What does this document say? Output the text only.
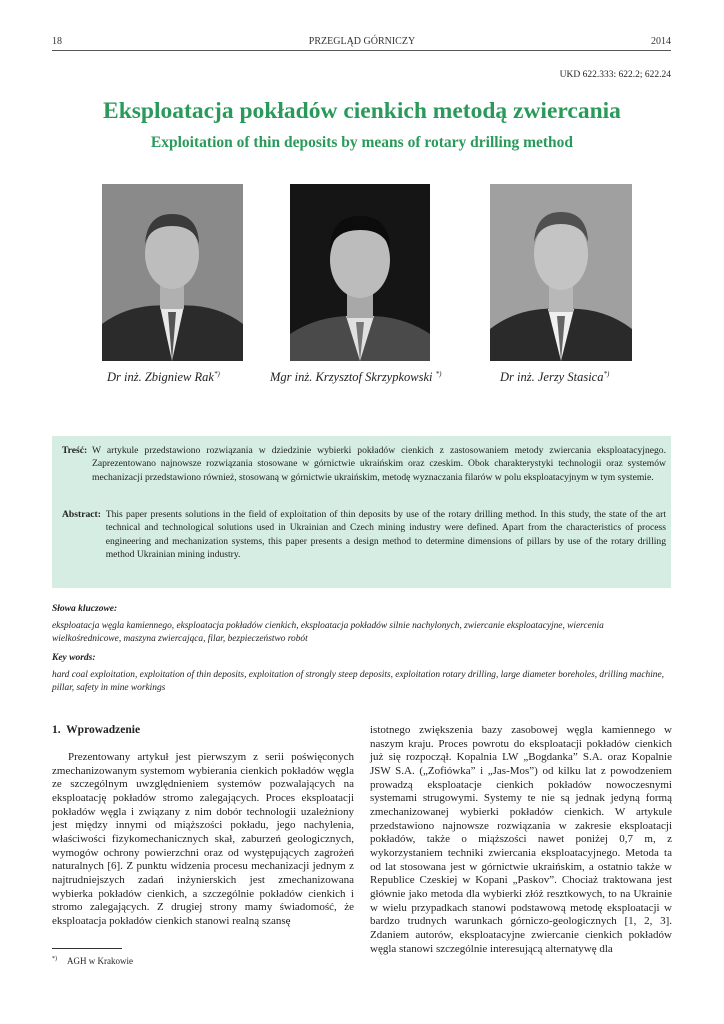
18	PRZEGLĄD GÓRNICZY	2014
UKD 622.333: 622.2; 622.24
Eksploatacja pokładów cienkich metodą zwiercania
Exploitation of thin deposits by means of rotary drilling method
Dr inż. Zbigniew Rak*)	Mgr inż. Krzysztof Skrzypkowski *)	Dr inż. Jerzy Stasica*)
Treść:
W artykule przedstawiono rozwiązania w dziedzinie wybierki pokładów cienkich z zastosowaniem metody zwiercania eksploatacyjnego. Zaprezentowano najnowsze rozwiązania stosowane w górnictwie ukraińskim oraz czeskim. Obok charakterystyki technologii oraz systemów mechanizacji przedstawiono również, stosowaną w górnictwie ukraińskim, metodę wyznaczania filarów w polu eksploatacyjnym w tym systemie.
Abstract:
This paper presents solutions in the field of exploitation of thin deposits by use of the rotary drilling method. In this study, the state of the art technical and technological solutions used in Ukrainian and Czech mining industry were defined. Apart from the characteristics of process engineering and mechanization systems, this paper presents a design method to determine dimensions of pillars by use of the rotary drilling method Ukrainian mining industry.
Słowa kluczowe:
eksploatacja węgla kamiennego, eksploatacja pokładów cienkich, eksploatacja pokładów silnie nachylonych, zwiercanie eksploatacyjne, wiercenia wielkośrednicowe, maszyna zwiercająca, filar, bezpieczeństwo robót
Key words:
hard coal exploitation, exploitation of thin deposits, exploitation of strongly steep deposits, exploitation rotary drilling, large diameter boreholes, drilling machine, pillar, safety in mine workings
1.  Wprowadzenie
Prezentowany artykuł jest pierwszym z serii poświęconych zmechanizowanym systemom wybierania cienkich pokładów węgla ze szczególnym uwzględnieniem systemów pozwalających na eksploatację pokładów stromo zalegających. Proces eksploatacji pokładów węgla i związany z nim dobór technologii uzależniony jest między innymi od miąższości pokładu, jego nachylenia, właściwości fizykomechanicznych skał, zaburzeń geologicznych, wymogów ochrony powierzchni oraz od występujących zagrożeń naturalnych [6]. Z punktu widzenia procesu mechanizacji jednym z najtrudniejszych zadań inżynierskich jest zmechanizowana wybierka pokładów cienkich, a szczególnie pokładów cienkich i stromo zalegających. Z drugiej strony mamy świadomość, że eksploatacja pokładów cienkich stanowi realną szansę
istotnego zwiększenia bazy zasobowej węgla kamiennego w naszym kraju. Proces powrotu do eksploatacji pokładów cienkich już się rozpoczął. Kopalnia LW „Bogdanka” S.A. oraz Kopalnie JSW S.A. („Zofiówka” i „Jas-Mos”) od kilku lat z powodzeniem prowadzą eksploatacje cienkich pokładów nowoczesnymi systemami strugowymi. Systemy te nie są jednak jedyną formą zmechanizowanej wybierki pokładów cienkich. W artykule przedstawiono najnowsze rozwiązania w zakresie eksploatacji pokładów, także o miąższości nawet poniżej 0,7 m, z wykorzystaniem techniki zwiercania eksploatacyjnego. Metoda ta od lat stosowana jest w górnictwie ukraińskim, a ostatnio także w Republice Czeskiej w Kopani „Paskov”. Chociaż traktowana jest głównie jako metoda dla wybierki złóż resztkowych, to na Ukrainie w wielu przypadkach stanowi podstawową metodę eksploatacji w bardzo trudnych warunkach górniczo-geologicznych [1, 2, 3]. Zdaniem autorów, eksploatacyjne zwiercanie cienkich pokładów węgla stanowi szczególnie interesującą alternatywę dla
*) AGH w Krakowie
